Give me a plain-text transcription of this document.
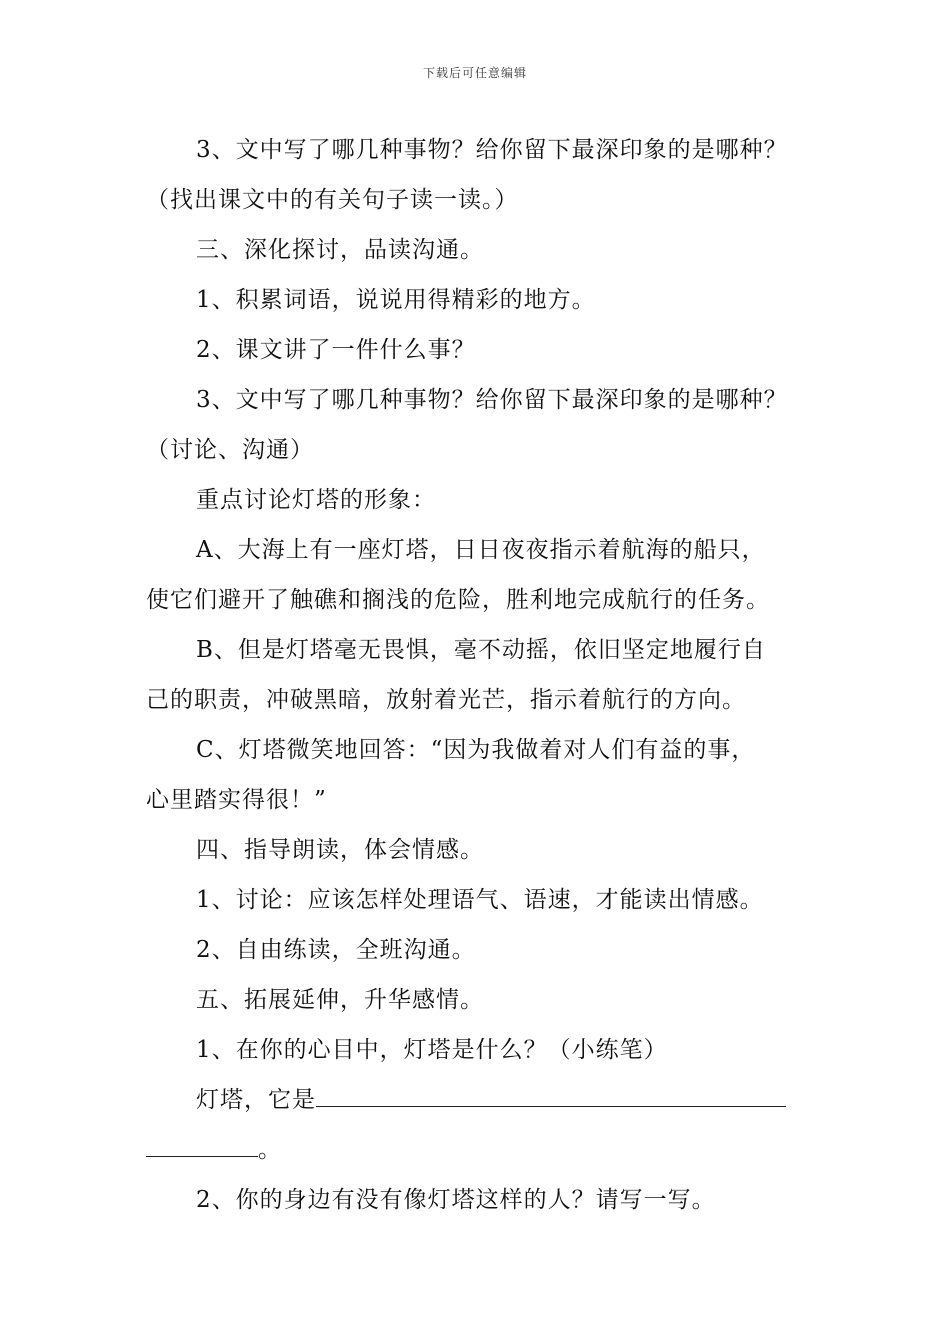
下载后可任意编辑
3、文中写了哪几种事物？给你留下最深印象的是哪种？
（找出课文中的有关句子读一读。）
三、深化探讨，品读沟通。
1、积累词语，说说用得精彩的地方。
2、课文讲了一件什么事？
3、文中写了哪几种事物？给你留下最深印象的是哪种？
（讨论、沟通）
重点讨论灯塔的形象：
A、大海上有一座灯塔，日日夜夜指示着航海的船只，
使它们避开了触礁和搁浅的危险，胜利地完成航行的任务。
B、但是灯塔毫无畏惧，毫不动摇，依旧坚定地履行自
己的职责，冲破黑暗，放射着光芒，指示着航行的方向。
C、灯塔微笑地回答：“因为我做着对人们有益的事，
心里踏实得很！”
四、指导朗读，体会情感。
1、讨论：应该怎样处理语气、语速，才能读出情感。
2、自由练读，全班沟通。
五、拓展延伸，升华感情。
1、在你的心目中，灯塔是什么？（小练笔）
灯塔，它是
。
2、你的身边有没有像灯塔这样的人？请写一写。
